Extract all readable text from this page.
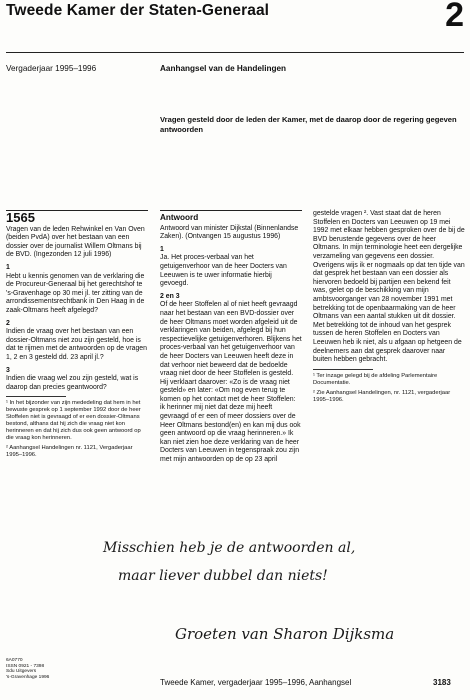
Tweede Kamer der Staten-Generaal	2
Vergaderjaar 1995–1996	Aanhangsel van de Handelingen
Vragen gesteld door de leden der Kamer, met de daarop door de regering gegeven antwoorden
1565
Vragen van de leden Rehwinkel en Van Oven (beiden PvdA) over het bestaan van een dossier over de journalist Willem Oltmans bij de BVD. (Ingezonden 12 juli 1996)
1
Hebt u kennis genomen van de verklaring die de Procureur-Generaal bij het gerechtshof te 's-Gravenhage op 30 mei jl. ter zitting van de arrondissementsrechtbank in Den Haag in de zaak-Oltmans heeft afgelegd?
2
Indien de vraag over het bestaan van een dossier-Oltmans niet zou zijn gesteld, hoe is dat te rijmen met de antwoorden op de vragen 1, 2 en 3 gesteld dd. 23 april jl.?
3
Indien die vraag wel zou zijn gesteld, wat is daarop dan precies geantwoord?
¹ In het bijzonder van zijn mededeling dat hem in het bewuste gesprek op 1 september 1992 door de heer Stoffelen niet is gevraagd of er een dossier-Oltmans bestond, althans dat hij zich die vraag niet kon herinneren en dat hij zich dus ook geen antwoord op die vraag kon herinneren.
² Aanhangsel Handelingen nr. 1121, Vergaderjaar 1995–1996.
Antwoord
Antwoord van minister Dijkstal (Binnenlandse Zaken). (Ontvangen 15 augustus 1996)
1
Ja. Het proces-verbaal van het getuigenverhoor van de heer Docters van Leeuwen is te uwer informatie hierbij gevoegd.
2 en 3
Of de heer Stoffelen al of niet heeft gevraagd naar het bestaan van een BVD-dossier over de heer Oltmans moet worden afgeleid uit de verklaringen van beiden, afgelegd bij hun respectievelijke getuigenverhoren. Blijkens het proces-verbaal van het getuigenverhoor van de heer Docters van Leeuwen heeft deze in dat verhoor niet beweerd dat de bedoelde vraag niet door de heer Stoffelen is gesteld. Hij verklaart daarover: «Zo is de vraag niet gesteld» en later: «Om nog even terug te komen op het contact met de heer Stoffelen: ik herinner mij niet dat deze mij heeft gevraagd of er een of meer dossiers over de Heer Oltmans bestond(en) en kan mij dus ook geen antwoord op die vraag herinneren.» Ik kan niet zien hoe deze verklaring van de heer Docters van Leeuwen in tegenspraak zou zijn met mijn antwoorden op de op 23 april
gestelde vragen ². Vast staat dat de heren Stoffelen en Docters van Leeuwen op 19 mei 1992 met elkaar hebben gesproken over de bij de BVD berustende gegevens over de heer Oltmans. In mijn terminologie heet een dergelijke verzameling van gegevens een dossier. Overigens wijs ik er nogmaals op dat ten tijde van dat gesprek het bestaan van een dossier als hiervoren bedoeld bij partijen een bekend feit was, gelet op de beschikking van mijn ambtsvoorganger van 28 november 1991 met betrekking tot de openbaarmaking van de heer Oltmans van een aantal stukken uit dit dossier. Met betrekking tot de inhoud van het gesprek tussen de heren Stoffelen en Docters van Leeuwen heb ik niet, als u afgaan op hetgeen de deelnemers aan dat gesprek daarover naar buiten hebben gebracht.
¹ Ter inzage gelegd bij de afdeling Parlementaire Documentatie.
² Zie Aanhangsel Handelingen, nr. 1121, vergaderjaar 1995–1996.
Misschien heb je de antwoorden al,
maar liever dubbel dan niets!
Groeten van Sharon Dijksma
6A0770
ISSN 0921 - 7398
Sdu Uitgevers
's-Gravenhage 1996
Tweede Kamer, vergaderjaar 1995–1996, Aanhangsel	3183
